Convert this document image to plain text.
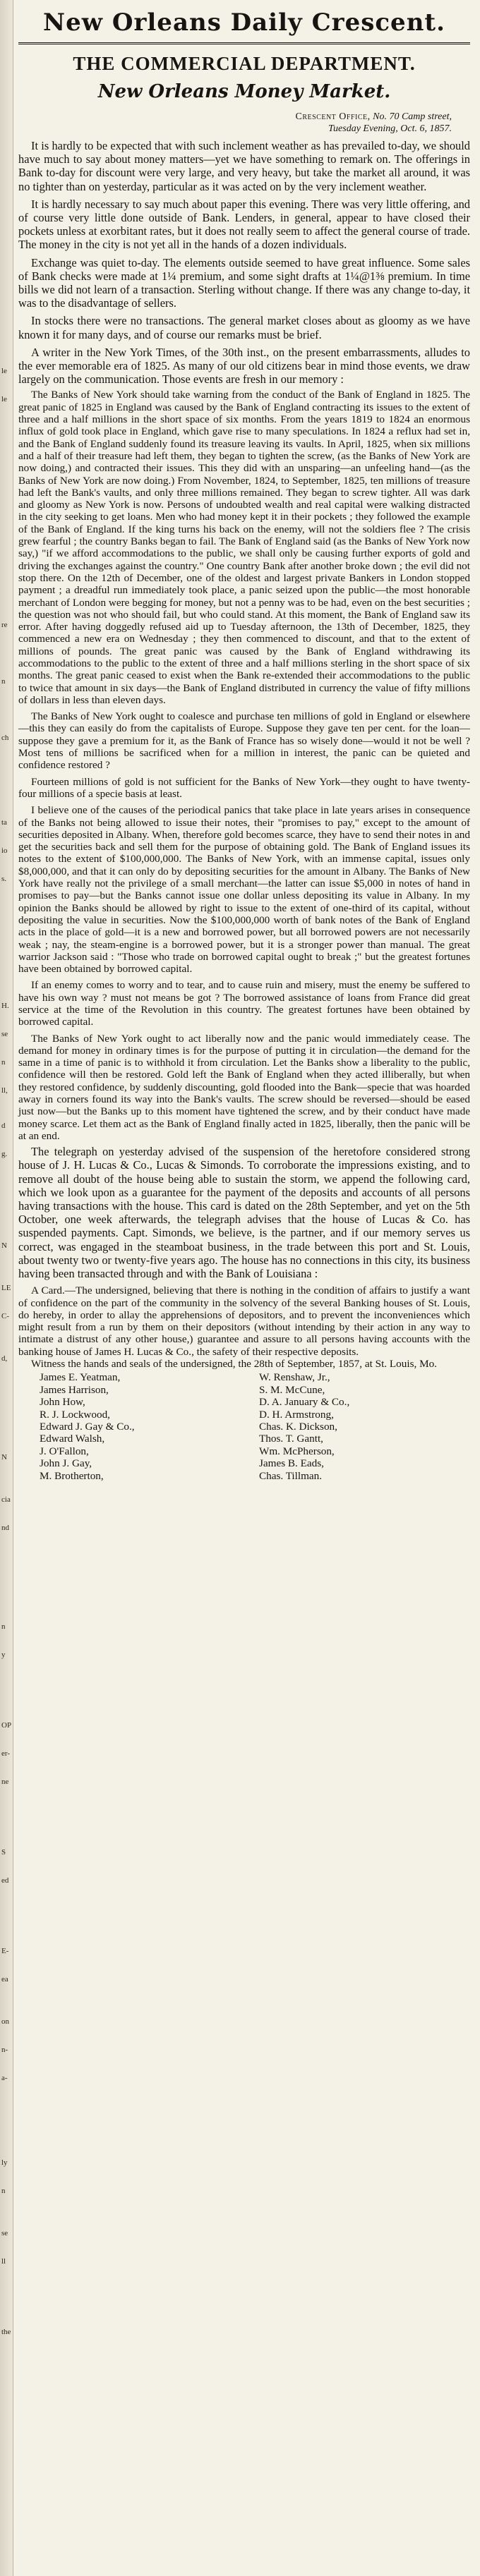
le
le
re
n
ch
ta
io
s.
H.
se
n
ll,
d
g.
N
LE
C-
d,
N
cia
nd
n
y
OP
er-
ne
S
ed
E-
ea
on
n-
a-
ly
n
se
ll
the
New Orleans Daily Crescent.
THE COMMERCIAL DEPARTMENT.
New Orleans Money Market.
Crescent Office, No. 70 Camp street,
Tuesday Evening, Oct. 6, 1857.

It is hardly to be expected that with such inclement weather as has prevailed to-day, we should have much to say about money matters—yet we have something to remark on. The offerings in Bank to-day for discount were very large, and very heavy, but take the market all around, it was no tighter than on yesterday, particular as it was acted on by the very inclement weather.

It is hardly necessary to say much about paper this evening. There was very little offering, and of course very little done outside of Bank. Lenders, in general, appear to have closed their pockets unless at exorbitant rates, but it does not really seem to affect the general course of trade. The money in the city is not yet all in the hands of a dozen individuals.

Exchange was quiet to-day. The elements outside seemed to have great influence. Some sales of Bank checks were made at 1¼ premium, and some sight drafts at 1¼@1⅜ premium. In time bills we did not learn of a transaction. Sterling without change. If there was any change to-day, it was to the disadvantage of sellers.

In stocks there were no transactions. The general market closes about as gloomy as we have known it for many days, and of course our remarks must be brief.

A writer in the New York Times, of the 30th inst., on the present embarrassments, alludes to the ever memorable era of 1825. As many of our old citizens bear in mind those events, we draw largely on the communication. Those events are fresh in our memory :

The Banks of New York should take warning from the conduct of the Bank of England in 1825. The great panic of 1825 in England was caused by the Bank of England contracting its issues to the extent of three and a half millions in the short space of six months. From the years 1819 to 1824 an enormous influx of gold took place in England, which gave rise to many speculations. In 1824 a reflux had set in, and the Bank of England suddenly found its treasure leaving its vaults. In April, 1825, when six millions and a half of their treasure had left them, they began to tighten the screw, (as the Banks of New York are now doing,) and contracted their issues. This they did with an unsparing—an unfeeling hand—(as the Banks of New York are now doing.) From November, 1824, to September, 1825, ten millions of treasure had left the Bank's vaults, and only three millions remained. They began to screw tighter. All was dark and gloomy as New York is now. Persons of undoubted wealth and real capital were walking distracted in the city seeking to get loans. Men who had money kept it in their pockets ; they followed the example of the Bank of England. If the king turns his back on the enemy, will not the soldiers flee ? The crisis grew fearful ; the country Banks began to fail. The Bank of England said (as the Banks of New York now say,) "if we afford accommodations to the public, we shall only be causing further exports of gold and driving the exchanges against the country." One country Bank after another broke down ; the evil did not stop there. On the 12th of December, one of the oldest and largest private Bankers in London stopped payment ; a dreadful run immediately took place, a panic seized upon the public—the most honorable merchant of London were begging for money, but not a penny was to be had, even on the best securities ; the question was not who should fail, but who could stand. At this moment, the Bank of England saw its error. After having doggedly refused aid up to Tuesday afternoon, the 13th of December, 1825, they commenced a new era on Wednesday ; they then commenced to discount, and that to the extent of millions of pounds. The great panic was caused by the Bank of England withdrawing its accommodations to the public to the extent of three and a half millions sterling in the short space of six months. The great panic ceased to exist when the Bank re-extended their accommodations to the public to twice that amount in six days—the Bank of England distributed in currency the value of fifty millions of dollars in less than eleven days.

The Banks of New York ought to coalesce and purchase ten millions of gold in England or elsewhere—this they can easily do from the capitalists of Europe. Suppose they gave ten per cent. for the loan—suppose they gave a premium for it, as the Bank of France has so wisely done—would it not be well ? Most tens of millions be sacrificed when for a million in interest, the panic can be quieted and confidence restored ?

Fourteen millions of gold is not sufficient for the Banks of New York—they ought to have twenty-four millions of a specie basis at least.

I believe one of the causes of the periodical panics that take place in late years arises in consequence of the Banks not being allowed to issue their notes, their "promises to pay," except to the amount of securities deposited in Albany. When, therefore gold becomes scarce, they have to send their notes in and get the securities back and sell them for the purpose of obtaining gold. The Bank of England issues its notes to the extent of $100,000,000. The Banks of New York, with an immense capital, issues only $8,000,000, and that it can only do by depositing securities for the amount in Albany. The Banks of New York have really not the privilege of a small merchant—the latter can issue $5,000 in notes of hand in promises to pay—but the Banks cannot issue one dollar unless depositing its value in Albany. In my opinion the Banks should be allowed by right to issue to the extent of one-third of its capital, without depositing the value in securities. Now the $100,000,000 worth of bank notes of the Bank of England acts in the place of gold—it is a new and borrowed power, but all borrowed powers are not necessarily weak ; nay, the steam-engine is a borrowed power, but it is a stronger power than manual. The great warrior Jackson said : "Those who trade on borrowed capital ought to break ;" but the greatest fortunes have been obtained by borrowed capital.

If an enemy comes to worry and to tear, and to cause ruin and misery, must the enemy be suffered to have his own way ? must not means be got ? The borrowed assistance of loans from France did great service at the time of the Revolution in this country. The greatest fortunes have been obtained by borrowed capital.

The Banks of New York ought to act liberally now and the panic would immediately cease. The demand for money in ordinary times is for the purpose of putting it in circulation—the demand for the same in a time of panic is to withhold it from circulation. Let the Banks show a liberality to the public, confidence will then be restored. Gold left the Bank of England when they acted illiberally, but when they restored confidence, by suddenly discounting, gold flooded into the Bank—specie that was hoarded away in corners found its way into the Bank's vaults. The screw should be reversed—should be eased just now—but the Banks up to this moment have tightened the screw, and by their conduct have made money scarce. Let them act as the Bank of England finally acted in 1825, liberally, then the panic will be at an end.

The telegraph on yesterday advised of the suspension of the heretofore considered strong house of J. H. Lucas & Co., Lucas & Simonds. To corroborate the impressions existing, and to remove all doubt of the house being able to sustain the storm, we append the following card, which we look upon as a guarantee for the payment of the deposits and accounts of all persons having transactions with the house. This card is dated on the 28th September, and yet on the 5th October, one week afterwards, the telegraph advises that the house of Lucas & Co. has suspended payments. Capt. Simonds, we believe, is the partner, and if our memory serves us correct, was engaged in the steamboat business, in the trade between this port and St. Louis, about twenty two or twenty-five years ago. The house has no connections in this city, its business having been transacted through and with the Bank of Louisiana :

A Card.—The undersigned, believing that there is nothing in the condition of affairs to justify a want of confidence on the part of the community in the solvency of the several Banking houses of St. Louis, do hereby, in order to allay the apprehensions of depositors, and to prevent the inconveniences which might result from a run by them on their depositors (without intending by their action in any way to intimate a distrust of any other house,) guarantee and assure to all persons having accounts with the banking house of James H. Lucas & Co., the safety of their respective deposits.

Witness the hands and seals of the undersigned, the 28th of September, 1857, at St. Louis, Mo.

James E. Yeatman,
James Harrison,
John How,
R. J. Lockwood,
Edward J. Gay & Co.,
Edward Walsh,
J. O'Fallon,
John J. Gay,
M. Brotherton,
W. Renshaw, Jr.,
S. M. McCune,
D. A. January & Co.,
D. H. Armstrong,
Chas. K. Dickson,
Thos. T. Gantt,
Wm. McPherson,
James B. Eads,
Chas. Tillman.
